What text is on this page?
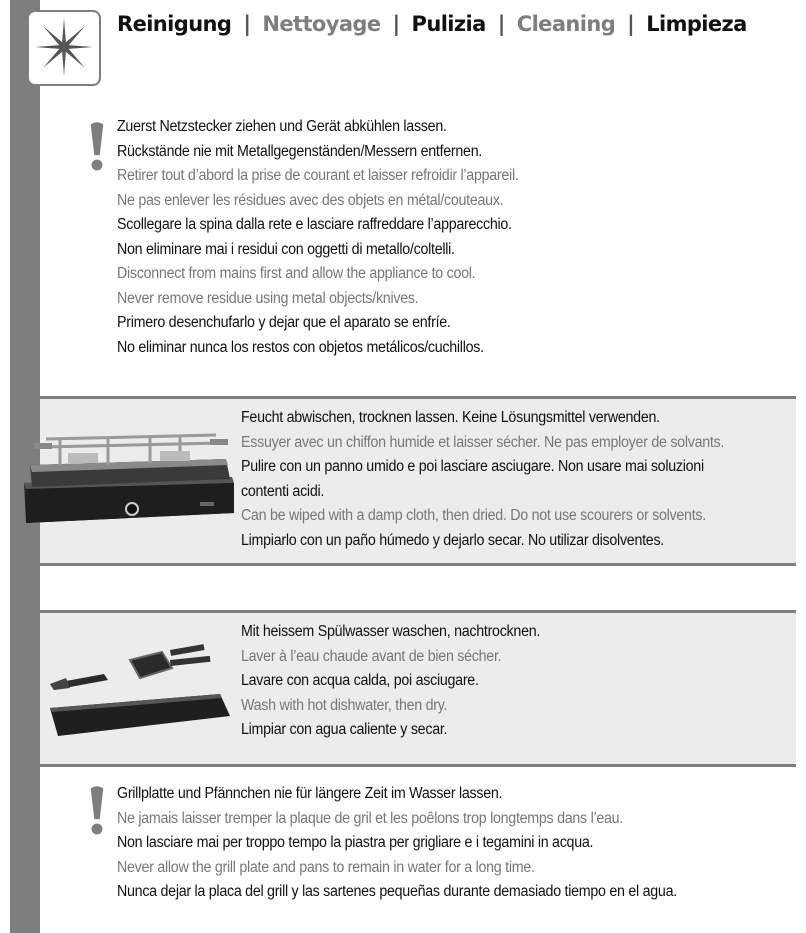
Reinigung | Nettoyage | Pulizia | Cleaning | Limpieza
Zuerst Netzstecker ziehen und Gerät abkühlen lassen.
Rückstände nie mit Metallgegenständen/Messern entfernen.
Retirer tout d’abord la prise de courant et laisser refroidir l’appareil.
Ne pas enlever les résidues avec des objets en métal/couteaux.
Scollegare la spina dalla rete e lasciare raffreddare l’apparecchio.
Non eliminare mai i residui con oggetti di metallo/coltelli.
Disconnect from mains first and allow the appliance to cool.
Never remove residue using metal objects/knives.
Primero desenchufarlo y dejar que el aparato se enfríe.
No eliminar nunca los restos con objetos metálicos/cuchillos.
Feucht abwischen, trocknen lassen. Keine Lösungsmittel verwenden.
Essuyer avec un chiffon humide et laisser sécher. Ne pas employer de solvants.
Pulire con un panno umido e poi lasciare asciugare. Non usare mai soluzioni
contenti acidi.
Can be wiped with a damp cloth, then dried. Do not use scourers or solvents.
Limpiarlo con un paño húmedo y dejarlo secar. No utilizar disolventes.
Mit heissem Spülwasser waschen, nachtrocknen.
Laver à l’eau chaude avant de bien sécher.
Lavare con acqua calda, poi asciugare.
Wash with hot dishwater, then dry.
Limpiar con agua caliente y secar.
Grillplatte und Pfännchen nie für längere Zeit im Wasser lassen.
Ne jamais laisser tremper la plaque de gril et les poêlons trop longtemps dans l’eau.
Non lasciare mai per troppo tempo la piastra per grigliare e i tegamini in acqua.
Never allow the grill plate and pans to remain in water for a long time.
Nunca dejar la placa del grill y las sartenes pequeñas durante demasiado tiempo en el agua.
